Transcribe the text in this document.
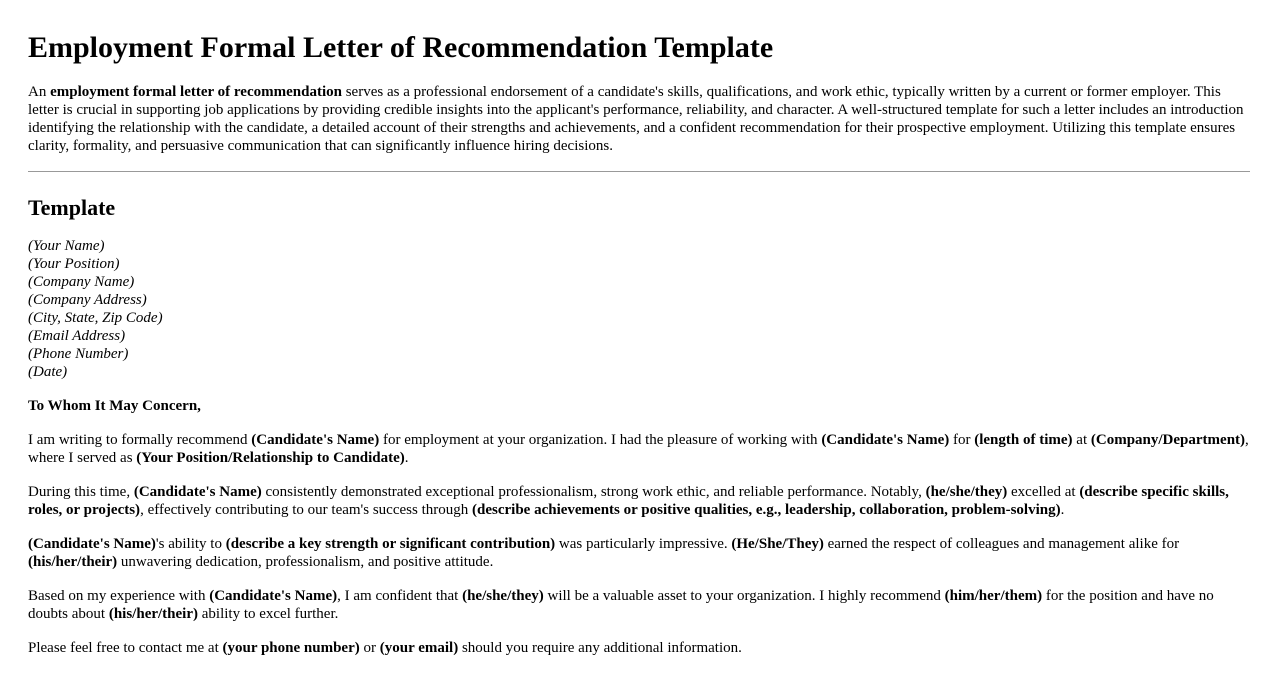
Employment Formal Letter of Recommendation Template

An employment formal letter of recommendation serves as a professional endorsement of a candidate's skills, qualifications, and work ethic, typically written by a current or former employer. This letter is crucial in supporting job applications by providing credible insights into the applicant's performance, reliability, and character. A well-structured template for such a letter includes an introduction identifying the relationship with the candidate, a detailed account of their strengths and achievements, and a confident recommendation for their prospective employment. Utilizing this template ensures clarity, formality, and persuasive communication that can significantly influence hiring decisions.

Template
(Your Name)
(Your Position)
(Company Name)
(Company Address)
(City, State, Zip Code)
(Email Address)
(Phone Number)
(Date)

To Whom It May Concern,

I am writing to formally recommend (Candidate's Name) for employment at your organization. I had the pleasure of working with (Candidate's Name) for (length of time) at (Company/Department), where I served as (Your Position/Relationship to Candidate).

During this time, (Candidate's Name) consistently demonstrated exceptional professionalism, strong work ethic, and reliable performance. Notably, (he/she/they) excelled at (describe specific skills, roles, or projects), effectively contributing to our team's success through (describe achievements or positive qualities, e.g., leadership, collaboration, problem-solving).

(Candidate's Name)'s ability to (describe a key strength or significant contribution) was particularly impressive. (He/She/They) earned the respect of colleagues and management alike for (his/her/their) unwavering dedication, professionalism, and positive attitude.

Based on my experience with (Candidate's Name), I am confident that (he/she/they) will be a valuable asset to your organization. I highly recommend (him/her/them) for the position and have no doubts about (his/her/their) ability to excel further.

Please feel free to contact me at (your phone number) or (your email) should you require any additional information.
